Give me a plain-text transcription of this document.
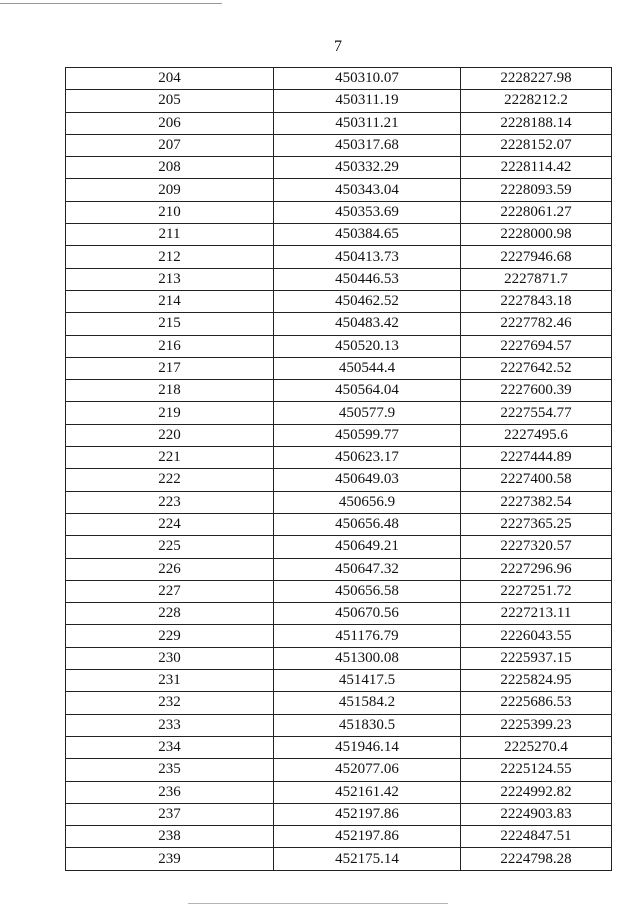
7
204	450310.07	2228227.98
205	450311.19	2228212.2
206	450311.21	2228188.14
207	450317.68	2228152.07
208	450332.29	2228114.42
209	450343.04	2228093.59
210	450353.69	2228061.27
211	450384.65	2228000.98
212	450413.73	2227946.68
213	450446.53	2227871.7
214	450462.52	2227843.18
215	450483.42	2227782.46
216	450520.13	2227694.57
217	450544.4	2227642.52
218	450564.04	2227600.39
219	450577.9	2227554.77
220	450599.77	2227495.6
221	450623.17	2227444.89
222	450649.03	2227400.58
223	450656.9	2227382.54
224	450656.48	2227365.25
225	450649.21	2227320.57
226	450647.32	2227296.96
227	450656.58	2227251.72
228	450670.56	2227213.11
229	451176.79	2226043.55
230	451300.08	2225937.15
231	451417.5	2225824.95
232	451584.2	2225686.53
233	451830.5	2225399.23
234	451946.14	2225270.4
235	452077.06	2225124.55
236	452161.42	2224992.82
237	452197.86	2224903.83
238	452197.86	2224847.51
239	452175.14	2224798.28
